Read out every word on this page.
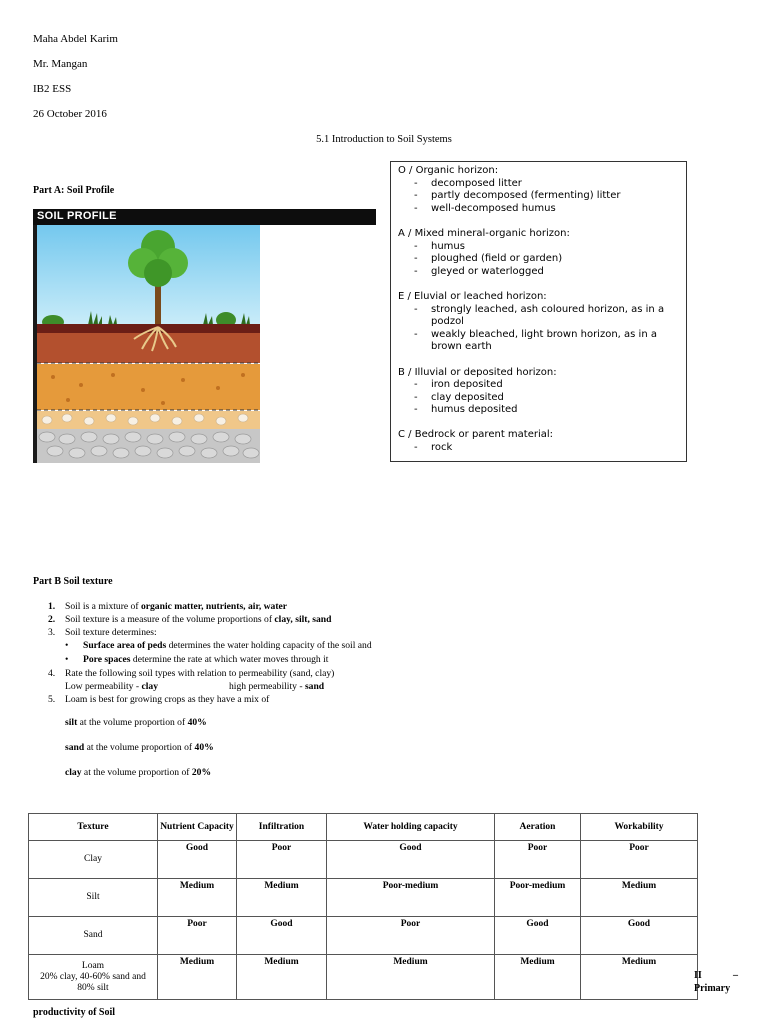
Maha Abdel Karim
Mr. Mangan
IB2 ESS
26 October 2016
5.1 Introduction to Soil Systems
Part A: Soil Profile
SOIL PROFILE
O / Organic horizon:
- decomposed litter
- partly decomposed (fermenting) litter
- well-decomposed humus
A / Mixed mineral-organic horizon:
- humus
- ploughed (field or garden)
- gleyed or waterlogged
E / Eluvial or leached horizon:
- strongly leached, ash coloured horizon, as in a podzol
- weakly bleached, light brown horizon, as in a brown earth
B / Illuvial or deposited horizon:
- iron deposited
- clay deposited
- humus deposited
C / Bedrock or parent material:
- rock
Part B Soil texture
1.	Soil is a mixture of organic matter, nutrients, air, water
2.	Soil texture is a measure of the volume proportions of clay, silt, sand
3.	Soil texture determines:
• Surface area of peds determines the water holding capacity of the soil and
• Pore spaces determine the rate at which water moves through it
4.	Rate the following soil types with relation to permeability (sand, clay)
Low permeability - clay	high permeability - sand
5.	Loam is best for growing crops as they have a mix of
silt at the volume proportion of 40%
sand at the volume proportion of 40%
clay at the volume proportion of 20%
Texture	Nutrient Capacity	Infiltration	Water holding capacity	Aeration	Workability
Clay	Good	Poor	Good	Poor	Poor
Silt	Medium	Medium	Poor-medium	Poor-medium	Medium
Sand	Poor	Good	Poor	Good	Good

Loam
20% clay, 40-60% sand and 80% silt	Medium	Medium	Medium	Medium	Medium
II –
Primary
productivity of Soil
